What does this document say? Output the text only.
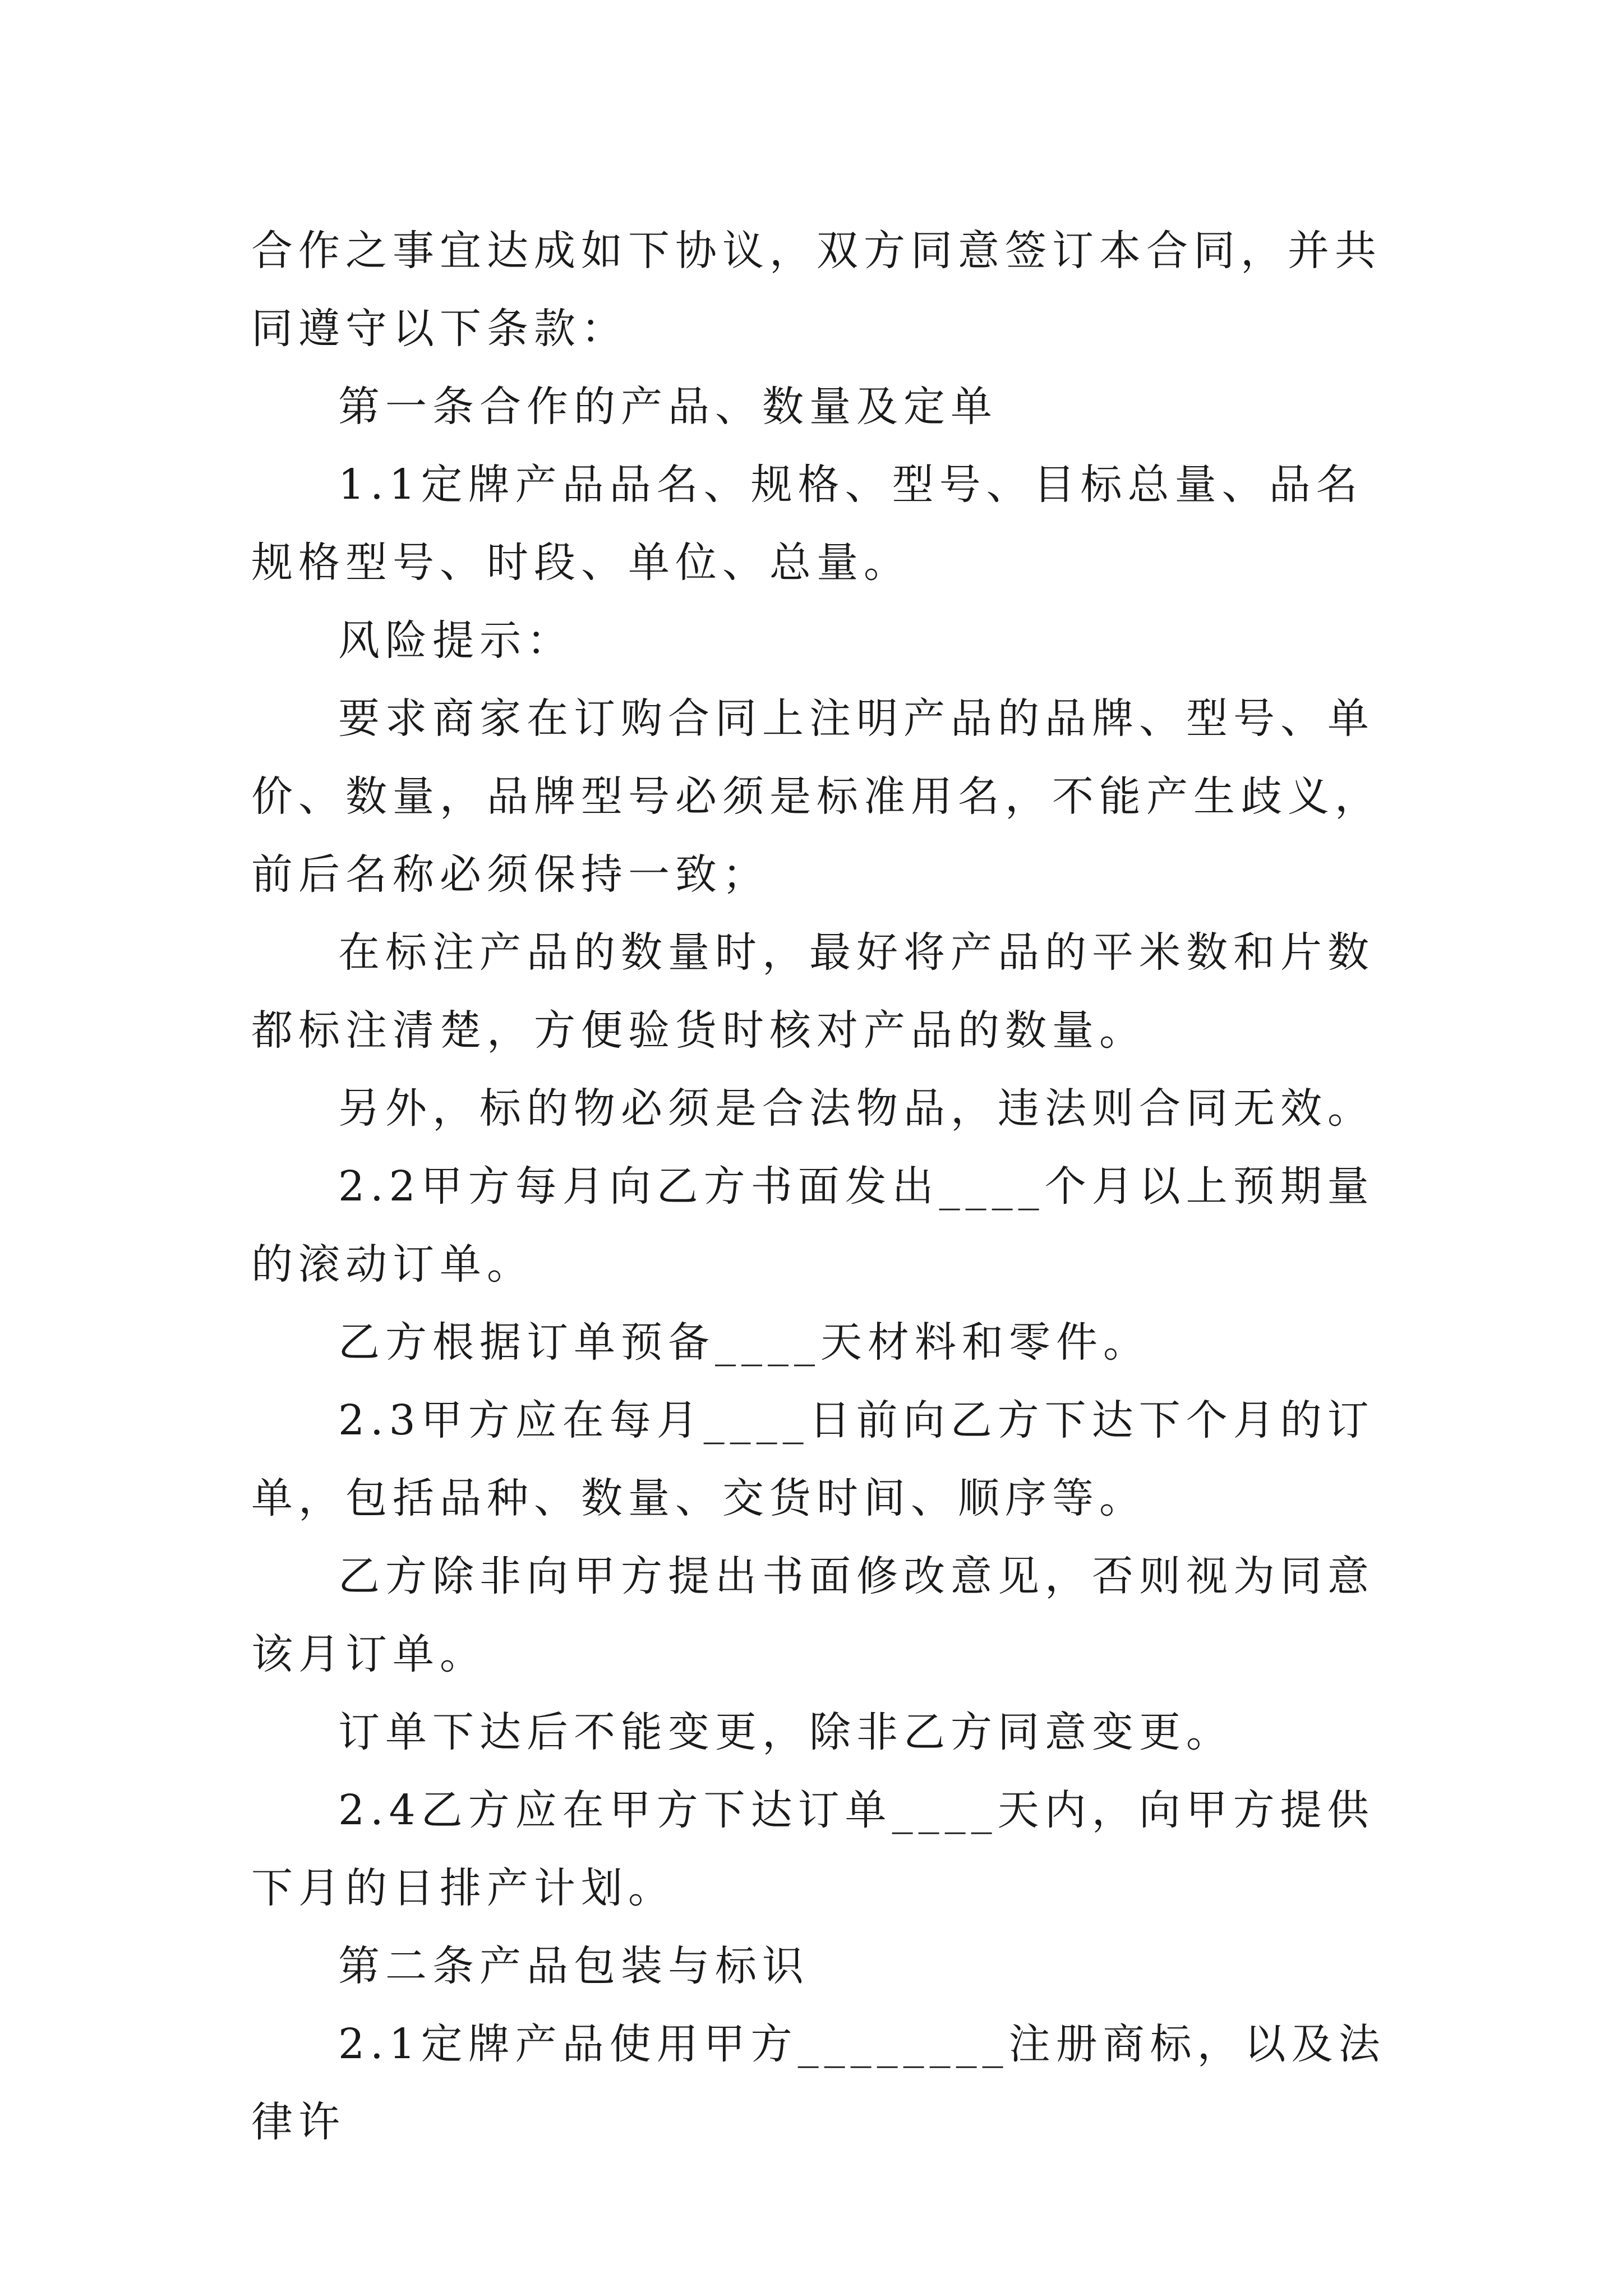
合作之事宜达成如下协议，双方同意签订本合同，并共同遵守以下条款：

第一条合作的产品、数量及定单

1.1定牌产品品名、规格、型号、目标总量、品名规格型号、时段、单位、总量。

风险提示：

要求商家在订购合同上注明产品的品牌、型号、单价、数量，品牌型号必须是标准用名，不能产生歧义，前后名称必须保持一致；

在标注产品的数量时，最好将产品的平米数和片数都标注清楚，方便验货时核对产品的数量。

另外，标的物必须是合法物品，违法则合同无效。

2.2甲方每月向乙方书面发出____个月以上预期量的滚动订单。

乙方根据订单预备____天材料和零件。

2.3甲方应在每月____日前向乙方下达下个月的订单，包括品种、数量、交货时间、顺序等。

乙方除非向甲方提出书面修改意见，否则视为同意该月订单。

订单下达后不能变更，除非乙方同意变更。

2.4乙方应在甲方下达订单____天内，向甲方提供下月的日排产计划。

第二条产品包装与标识

2.1定牌产品使用甲方________注册商标，以及法律许
